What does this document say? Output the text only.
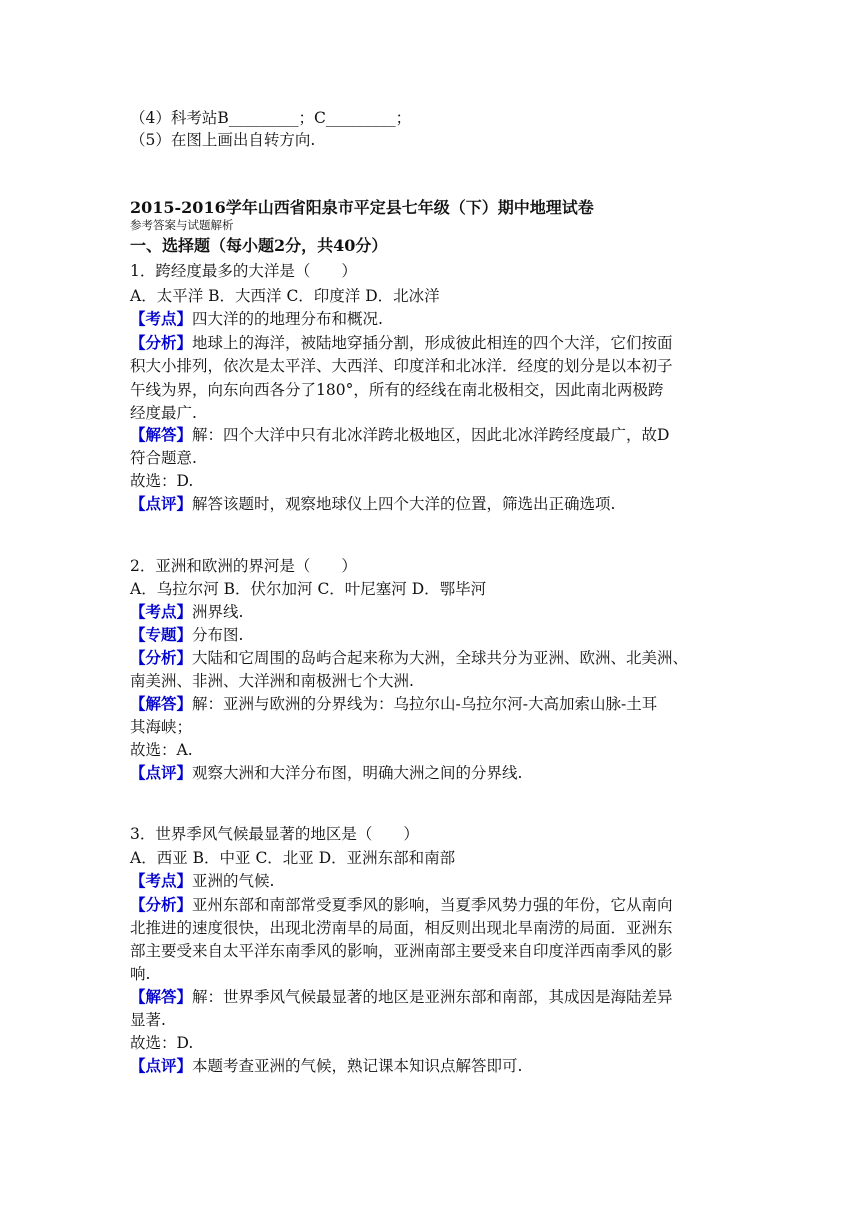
（4）科考站B_________；C_________；
（5）在图上画出自转方向.
2015-2016学年山西省阳泉市平定县七年级（下）期中地理试卷
参考答案与试题解析
一、选择题（每小题2分，共40分）
1．跨经度最多的大洋是（　　）
A．太平洋 B．大西洋 C．印度洋 D．北冰洋
【考点】四大洋的的地理分布和概况.
【分析】地球上的海洋，被陆地穿插分割，形成彼此相连的四个大洋，它们按面
积大小排列，依次是太平洋、大西洋、印度洋和北冰洋．经度的划分是以本初子
午线为界，向东向西各分了180°，所有的经线在南北极相交，因此南北两极跨
经度最广.
【解答】解：四个大洋中只有北冰洋跨北极地区，因此北冰洋跨经度最广，故D
符合题意.
故选：D.
【点评】解答该题时，观察地球仪上四个大洋的位置，筛选出正确选项.
2．亚洲和欧洲的界河是（　　）
A．乌拉尔河 B．伏尔加河 C．叶尼塞河 D．鄂毕河
【考点】洲界线.
【专题】分布图.
【分析】大陆和它周围的岛屿合起来称为大洲，全球共分为亚洲、欧洲、北美洲、
南美洲、非洲、大洋洲和南极洲七个大洲.
【解答】解：亚洲与欧洲的分界线为：乌拉尔山-乌拉尔河-大高加索山脉-土耳
其海峡；
故选：A.
【点评】观察大洲和大洋分布图，明确大洲之间的分界线.
3．世界季风气候最显著的地区是（　　）
A．西亚 B．中亚 C．北亚 D．亚洲东部和南部
【考点】亚洲的气候.
【分析】亚州东部和南部常受夏季风的影响，当夏季风势力强的年份，它从南向
北推进的速度很快，出现北涝南旱的局面，相反则出现北旱南涝的局面．亚洲东
部主要受来自太平洋东南季风的影响，亚洲南部主要受来自印度洋西南季风的影
响.
【解答】解：世界季风气候最显著的地区是亚洲东部和南部，其成因是海陆差异
显著.
故选：D.
【点评】本题考查亚洲的气候，熟记课本知识点解答即可.
